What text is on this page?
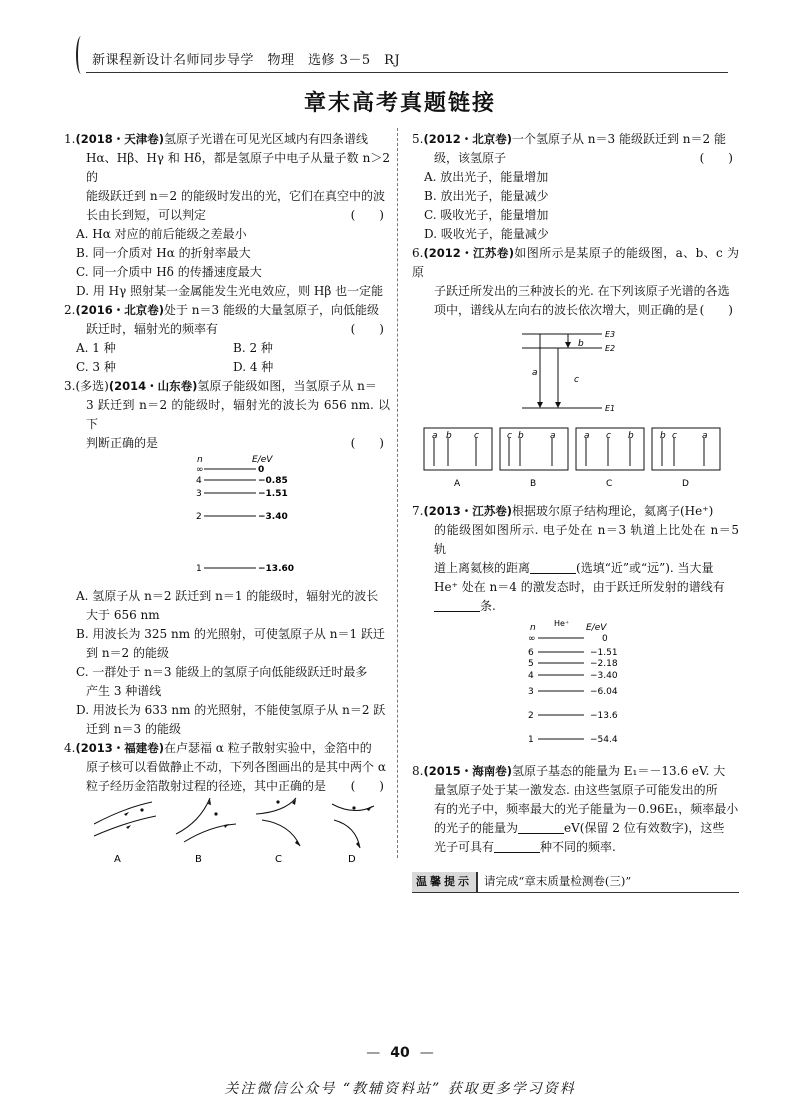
新课程新设计名师同步导学　物理　选修 3－5　RJ
章末高考真题链接

1.(2018・天津卷)氢原子光谱在可见光区域内有四条谱线

Hα、Hβ、Hγ 和 Hδ，都是氢原子中电子从量子数 n＞2 的

能级跃迁到 n＝2 的能级时发出的光，它们在真空中的波

长由长到短，可以判定	(　　)

A. Hα 对应的前后能级之差最小

B. 同一介质对 Hα 的折射率最大

C. 同一介质中 Hδ 的传播速度最大

D. 用 Hγ 照射某一金属能发生光电效应，则 Hβ 也一定能

2.(2016・北京卷)处于 n＝3 能级的大量氢原子，向低能级

跃迁时，辐射光的频率有	(　　)

A. 1 种	B. 2 种
C. 3 种	D. 4 种

3.(多选)(2014・山东卷)氢原子能级如图，当氢原子从 n＝

3 跃迁到 n＝2 的能级时，辐射光的波长为 656 nm. 以下

判断正确的是	(　　)

n	E/eV
∞
4
3
2
1
0
−0.85
−1.51
−3.40
−13.60

A. 氢原子从 n＝2 跃迁到 n＝1 的能级时，辐射光的波长

大于 656 nm

B. 用波长为 325 nm 的光照射，可使氢原子从 n＝1 跃迁

到 n＝2 的能级

C. 一群处于 n＝3 能级上的氢原子向低能级跃迁时最多

产生 3 种谱线

D. 用波长为 633 nm 的光照射，不能使氢原子从 n＝2 跃

迁到 n＝3 的能级

4.(2013・福建卷)在卢瑟福 α 粒子散射实验中，金箔中的

原子核可以看做静止不动，下列各图画出的是其中两个 α

粒子经历金箔散射过程的径迹，其中正确的是 (　　)

A	B	C	D

5.(2012・北京卷)一个氢原子从 n＝3 能级跃迁到 n＝2 能

级，该氢原子	(　　)

A. 放出光子，能量增加

B. 放出光子，能量减少

C. 吸收光子，能量增加

D. 吸收光子，能量减少

6.(2012・江苏卷)如图所示是某原子的能级图，a、b、c 为原

子跃迁所发出的三种波长的光. 在下列该原子光谱的各选

项中，谱线从左向右的波长依次增大，则正确的是 (　　)

E3
E2
E1
a
b
c
a b c
A
c b	a
B
a c b
C
b c	a
D

7.(2013・江苏卷)根据玻尔原子结构理论，氦离子(He⁺)

的能级图如图所示. 电子处在 n＝3 轨道上比处在 n＝5 轨

道上离氦核的距离	(选填“近”或“远”). 当大量

He⁺ 处在 n＝4 的激发态时，由于跃迁所发射的谱线有

条.

n He⁺ E/eV
∞
6
5
4
3
2
1
0
−1.51
−2.18
−3.40
−6.04
−13.6
−54.4

8.(2015・海南卷)氢原子基态的能量为 E₁＝－13.6 eV. 大

量氢原子处于某一激发态. 由这些氢原子可能发出的所

有的光子中，频率最大的光子能量为－0.96E₁，频率最小

的光子的能量为	eV(保留 2 位有效数字)，这些

光子可具有	种不同的频率.

温馨提示	请完成“章末质量检测卷(三)”
— 40 —
关注微信公众号 “教辅资料站” 获取更多学习资料
